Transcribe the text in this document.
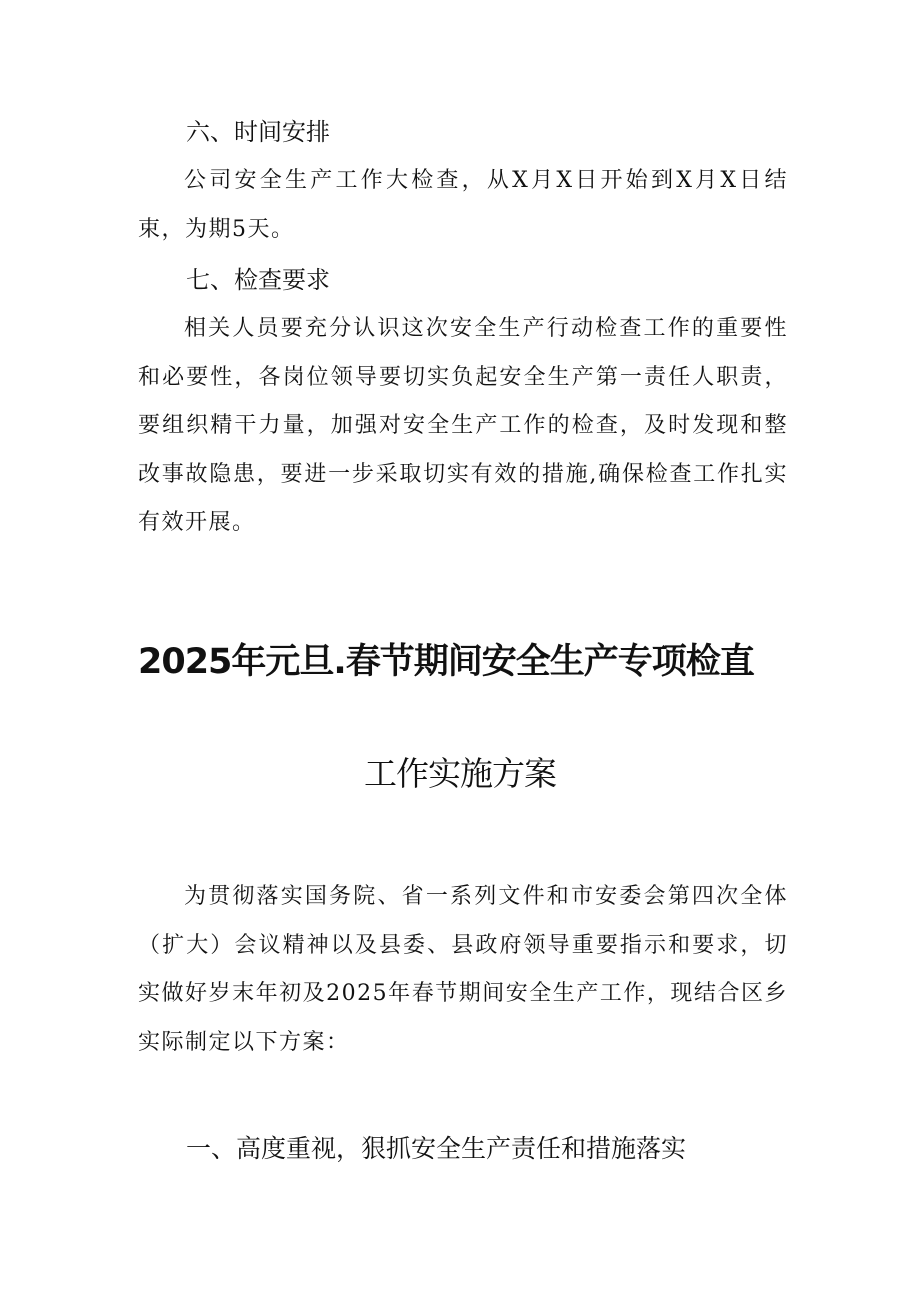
六、时间安排

公司安全生产工作大检查，从X月X日开始到X月X日结束，为期5天。

七、检查要求

相关人员要充分认识这次安全生产行动检查工作的重要性和必要性，各岗位领导要切实负起安全生产第一责任人职责，要组织精干力量，加强对安全生产工作的检查，及时发现和整改事故隐患，要进一步采取切实有效的措施,确保检查工作扎实有效开展。

2025年元旦.春节期间安全生产专项检直
工作实施方案

为贯彻落实国务院、省一系列文件和市安委会第四次全体（扩大）会议精神以及县委、县政府领导重要指示和要求，切实做好岁末年初及2025年春节期间安全生产工作，现结合区乡实际制定以下方案：

一、高度重视，狠抓安全生产责任和措施落实
